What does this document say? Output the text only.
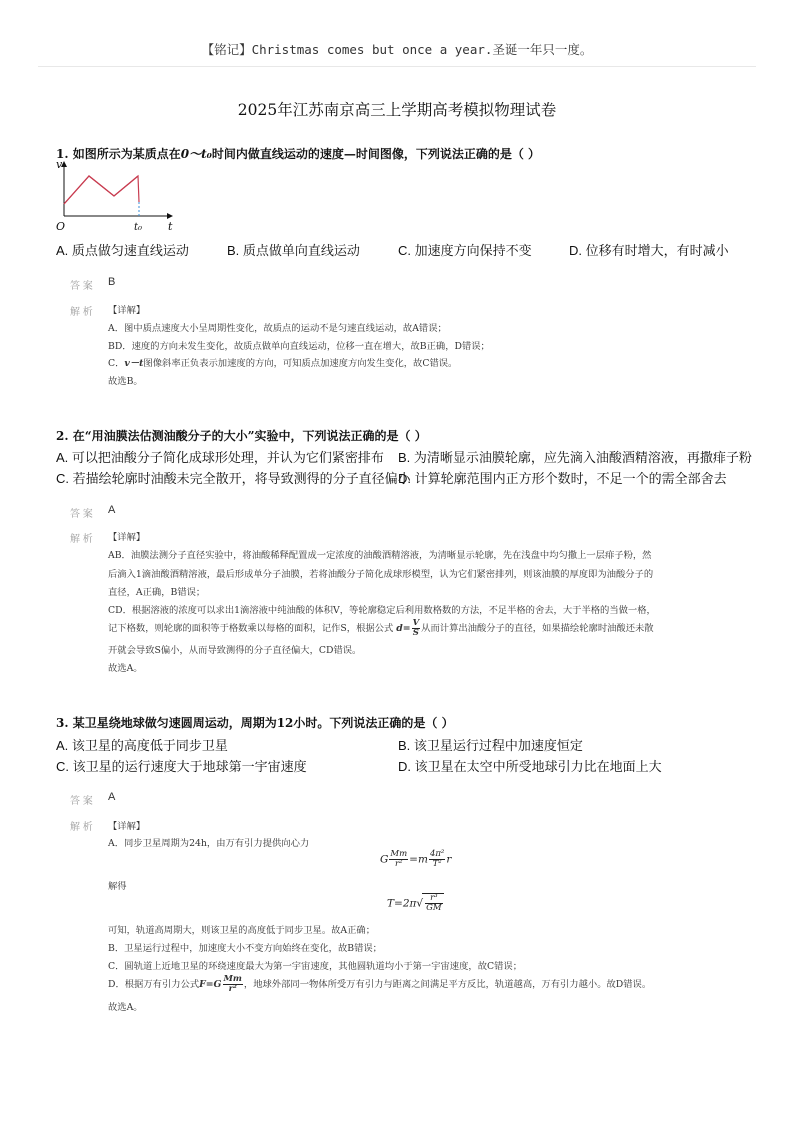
【铭记】Christmas comes but once a year.圣诞一年只一度。
2025年江苏南京高三上学期高考模拟物理试卷
1. 如图所示为某质点在0～t₀时间内做直线运动的速度—时间图像，下列说法正确的是（ ）
v
O	t
t₀
A. 质点做匀速直线运动	B. 质点做单向直线运动	C. 加速度方向保持不变	D. 位移有时增大，有时减小
答 案 B
解 析 【详解】
A．图中质点速度大小呈周期性变化，故质点的运动不是匀速直线运动，故A错误；
BD．速度的方向未发生变化，故质点做单向直线运动，位移一直在增大，故B正确，D错误；
C．v－t图像斜率正负表示加速度的方向，可知质点加速度方向发生变化，故C错误。
故选B。
2. 在“用油膜法估测油酸分子的大小”实验中，下列说法正确的是（ ）
A. 可以把油酸分子简化成球形处理，并认为它们紧密排布 B. 为清晰显示油膜轮廓，应先滴入油酸酒精溶液，再撒痱子粉
C. 若描绘轮廓时油酸未完全散开，将导致测得的分子直径偏小
D. 计算轮廓范围内正方形个数时，不足一个的需全部舍去
答 案 A
解 析 【详解】
AB．油膜法测分子直径实验中，将油酸稀释配置成一定浓度的油酸酒精溶液，为清晰显示轮廓，先在浅盘中均匀撒上一层痱子粉，然
后滴入1滴油酸酒精溶液，最后形成单分子油膜，若将油酸分子简化成球形模型，认为它们紧密排列，则该油膜的厚度即为油酸分子的
直径，A正确，B错误；
CD．根据溶液的浓度可以求出1滴溶液中纯油酸的体积V，等轮廓稳定后利用数格数的方法，不足半格的舍去，大于半格的当做一格，
记下格数，则轮廓的面积等于格数乘以每格的面积，记作S，根据公式 $d= \frac{V}{S}$ 从而计算出油酸分子的直径，如果描绘轮廓时油酸还未散
开就会导致S偏小，从而导致测得的分子直径偏大，CD错误。
故选A。
3. 某卫星绕地球做匀速圆周运动，周期为12小时。下列说法正确的是（ ）
A. 该卫星的高度低于同步卫星	B. 该卫星运行过程中加速度恒定
C. 该卫星的运行速度大于地球第一宇宙速度	D. 该卫星在太空中所受地球引力比在地面上大
答 案 A
解 析 【详解】
A．同步卫星周期为24h，由万有引力提供向心力
G $\frac{Mm}{\text{r²}} =m \frac{\text{4π²}}{\text{T²}}$ r
解得
$T=2\pi√ \frac{\text{r³}}{GM}$
可知，轨道高周期大，则该卫星的高度低于同步卫星。故A正确；
B．卫星运行过程中，加速度大小不变方向始终在变化，故B错误；
C．圆轨道上近地卫星的环绕速度最大为第一宇宙速度，其他圆轨道均小于第一宇宙速度，故C错误；
D．根据万有引力公式$F=G \frac{Mm}{\text{r²}}$ ，地球外部同一物体所受万有引力与距离之间满足平方反比，轨道越高，万有引力越小。故D错误。
故选A。
